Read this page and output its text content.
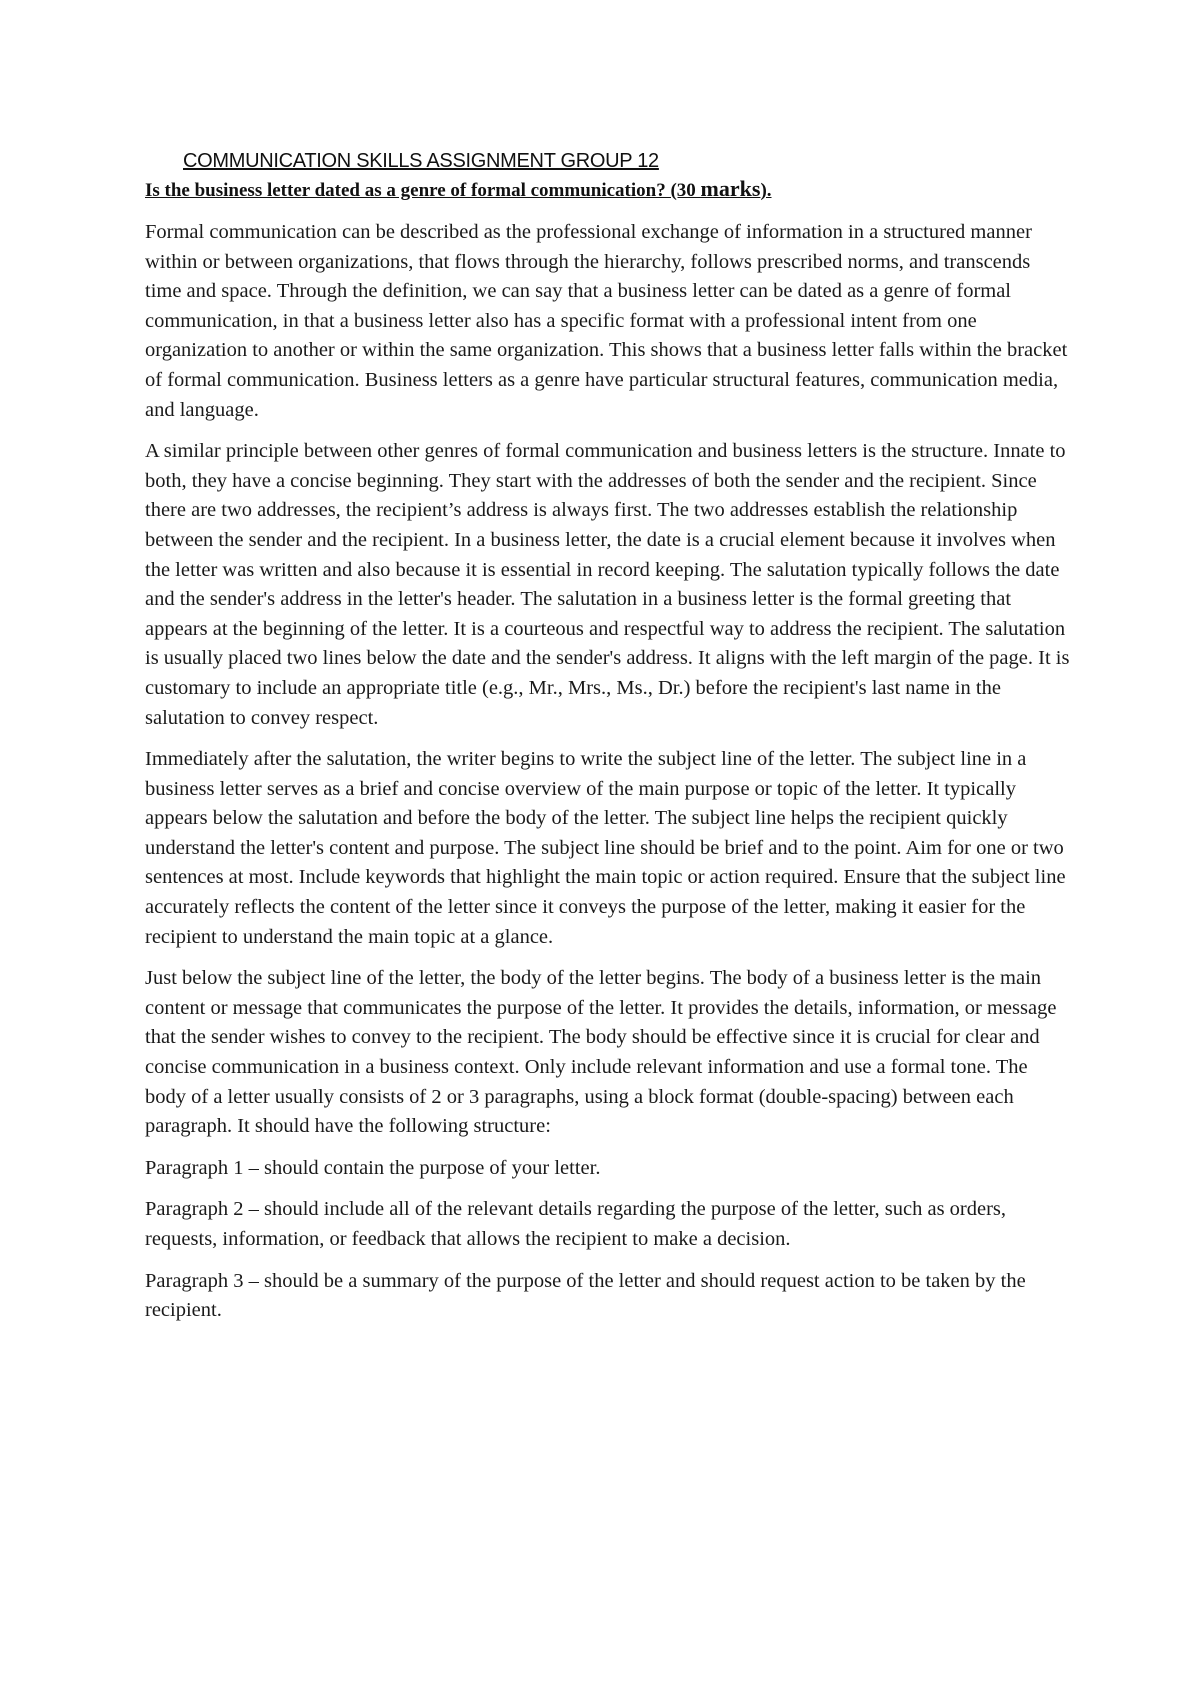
COMMUNICATION SKILLS ASSIGNMENT GROUP 12
Is the business letter dated as a genre of formal communication? (30 marks).

Formal communication can be described as the professional exchange of information in a structured manner within or between organizations, that flows through the hierarchy, follows prescribed norms, and transcends time and space. Through the definition, we can say that a business letter can be dated as a genre of formal communication, in that a business letter also has a specific format with a professional intent from one organization to another or within the same organization. This shows that a business letter falls within the bracket of formal communication. Business letters as a genre have particular structural features, communication media, and language.

A similar principle between other genres of formal communication and business letters is the structure. Innate to both, they have a concise beginning. They start with the addresses of both the sender and the recipient. Since there are two addresses, the recipient’s address is always first. The two addresses establish the relationship between the sender and the recipient. In a business letter, the date is a crucial element because it involves when the letter was written and also because it is essential in record keeping. The salutation typically follows the date and the sender's address in the letter's header. The salutation in a business letter is the formal greeting that appears at the beginning of the letter. It is a courteous and respectful way to address the recipient. The salutation is usually placed two lines below the date and the sender's address. It aligns with the left margin of the page. It is customary to include an appropriate title (e.g., Mr., Mrs., Ms., Dr.) before the recipient's last name in the salutation to convey respect.

Immediately after the salutation, the writer begins to write the subject line of the letter. The subject line in a business letter serves as a brief and concise overview of the main purpose or topic of the letter. It typically appears below the salutation and before the body of the letter. The subject line helps the recipient quickly understand the letter's content and purpose. The subject line should be brief and to the point. Aim for one or two sentences at most. Include keywords that highlight the main topic or action required. Ensure that the subject line accurately reflects the content of the letter since it conveys the purpose of the letter, making it easier for the recipient to understand the main topic at a glance.

Just below the subject line of the letter, the body of the letter begins. The body of a business letter is the main content or message that communicates the purpose of the letter. It provides the details, information, or message that the sender wishes to convey to the recipient. The body should be effective since it is crucial for clear and concise communication in a business context. Only include relevant information and use a formal tone. The body of a letter usually consists of 2 or 3 paragraphs, using a block format (double-spacing) between each paragraph. It should have the following structure:

Paragraph 1 – should contain the purpose of your letter.

Paragraph 2 – should include all of the relevant details regarding the purpose of the letter, such as orders, requests, information, or feedback that allows the recipient to make a decision.

Paragraph 3 – should be a summary of the purpose of the letter and should request action to be taken by the recipient.
